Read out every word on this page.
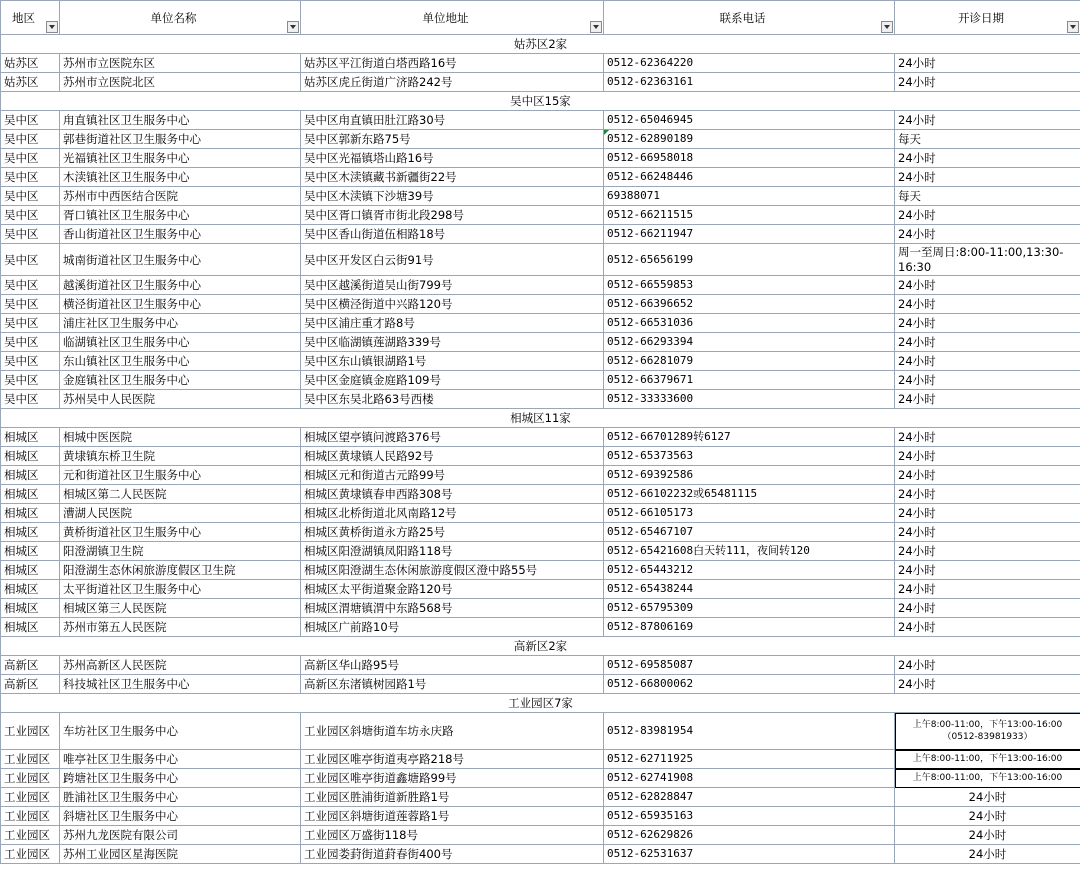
地区	单位名称	单位地址	联系电话	开诊日期

姑苏区2家				
姑苏区	苏州市立医院东区	姑苏区平江街道白塔西路16号	0512-62364220	24小时
姑苏区	苏州市立医院北区	姑苏区虎丘街道广济路242号	0512-62363161	24小时
吴中区15家				
吴中区	甪直镇社区卫生服务中心	吴中区甪直镇田肚江路30号	0512-65046945	24小时
吴中区	郭巷街道社区卫生服务中心	吴中区郭新东路75号	0512-62890189	每天
吴中区	光福镇社区卫生服务中心	吴中区光福镇塔山路16号	0512-66958018	24小时
吴中区	木渎镇社区卫生服务中心	吴中区木渎镇藏书新疆街22号	0512-66248446	24小时
吴中区	苏州市中西医结合医院	吴中区木渎镇下沙塘39号	69388071	每天
吴中区	胥口镇社区卫生服务中心	吴中区胥口镇胥市街北段298号	0512-66211515	24小时
吴中区	香山街道社区卫生服务中心	吴中区香山街道伍相路18号	0512-66211947	24小时
吴中区	城南街道社区卫生服务中心	吴中区开发区白云街91号	0512-65656199	周一至周日:8:00-11:00,13:30-16:30
吴中区	越溪街道社区卫生服务中心	吴中区越溪街道吴山街799号	0512-66559853	24小时
吴中区	横泾街道社区卫生服务中心	吴中区横泾街道中兴路120号	0512-66396652	24小时
吴中区	浦庄社区卫生服务中心	吴中区浦庄重才路8号	0512-66531036	24小时
吴中区	临湖镇社区卫生服务中心	吴中区临湖镇莲湖路339号	0512-66293394	24小时
吴中区	东山镇社区卫生服务中心	吴中区东山镇银湖路1号	0512-66281079	24小时
吴中区	金庭镇社区卫生服务中心	吴中区金庭镇金庭路109号	0512-66379671	24小时
吴中区	苏州吴中人民医院	吴中区东吴北路63号西楼	0512-33333600	24小时
相城区11家				
相城区	相城中医医院	相城区望亭镇问渡路376号	0512-66701289转6127	24小时
相城区	黄埭镇东桥卫生院	相城区黄埭镇人民路92号	0512-65373563	24小时
相城区	元和街道社区卫生服务中心	相城区元和街道古元路99号	0512-69392586	24小时
相城区	相城区第二人民医院	相城区黄埭镇春申西路308号	0512-66102232或65481115	24小时
相城区	漕湖人民医院	相城区北桥街道北风南路12号	0512-66105173	24小时
相城区	黄桥街道社区卫生服务中心	相城区黄桥街道永方路25号	0512-65467107	24小时
相城区	阳澄湖镇卫生院	相城区阳澄湖镇凤阳路118号	0512-65421608白天转111，夜间转120	24小时
相城区	阳澄湖生态休闲旅游度假区卫生院	相城区阳澄湖生态休闲旅游度假区澄中路55号	0512-65443212	24小时
相城区	太平街道社区卫生服务中心	相城区太平街道聚金路120号	0512-65438244	24小时
相城区	相城区第三人民医院	相城区渭塘镇渭中东路568号	0512-65795309	24小时
相城区	苏州市第五人民医院	相城区广前路10号	0512-87806169	24小时
高新区2家				
高新区	苏州高新区人民医院	高新区华山路95号	0512-69585087	24小时
高新区	科技城社区卫生服务中心	高新区东渚镇树园路1号	0512-66800062	24小时
工业园区7家				
工业园区	车坊社区卫生服务中心	工业园区斜塘街道车坊永庆路	0512-83981954	上午8:00-11:00，下午13:00-16:00（0512-83981933）
工业园区	唯亭社区卫生服务中心	工业园区唯亭街道夷亭路218号	0512-62711925	上午8:00-11:00，下午13:00-16:00
工业园区	跨塘社区卫生服务中心	工业园区唯亭街道鑫塘路99号	0512-62741908	上午8:00-11:00，下午13:00-16:00
工业园区	胜浦社区卫生服务中心	工业园区胜浦街道新胜路1号	0512-62828847	24小时
工业园区	斜塘社区卫生服务中心	工业园区斜塘街道莲蓉路1号	0512-65935163	24小时
工业园区	苏州九龙医院有限公司	工业园区万盛街118号	0512-62629826	24小时
工业园区	苏州工业园区星海医院	工业园娄葑街道葑春街400号	0512-62531637	24小时
